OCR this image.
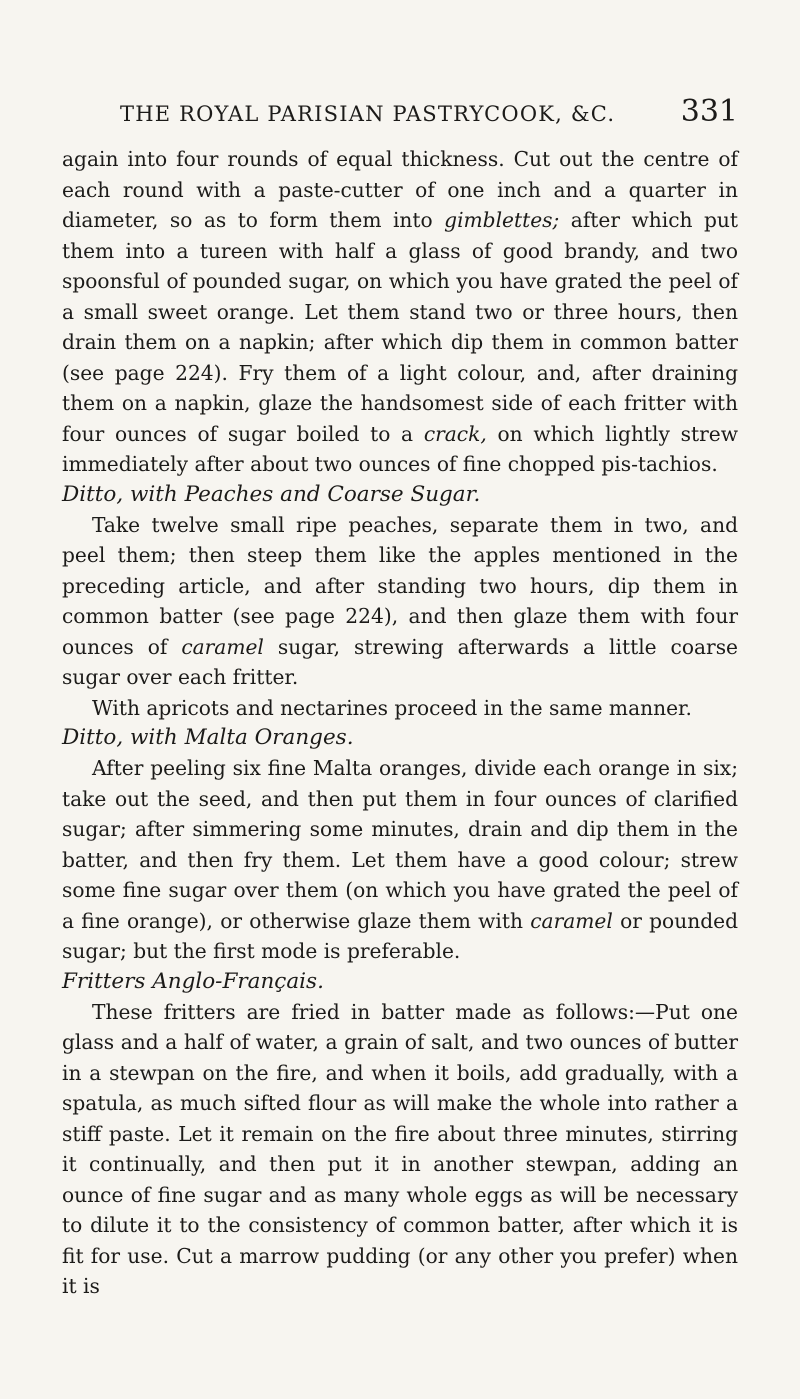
THE ROYAL PARISIAN PASTRYCOOK, &C. 331

again into four rounds of equal thickness. Cut out the centre of each round with a paste-cutter of one inch and a quarter in diameter, so as to form them into gimblettes; after which put them into a tureen with half a glass of good brandy, and two spoonsful of pounded sugar, on which you have grated the peel of a small sweet orange. Let them stand two or three hours, then drain them on a napkin; after which dip them in common batter (see page 224). Fry them of a light colour, and, after draining them on a napkin, glaze the handsomest side of each fritter with four ounces of sugar boiled to a crack, on which lightly strew immediately after about two ounces of fine chopped pis-tachios.

Ditto, with Peaches and Coarse Sugar.

Take twelve small ripe peaches, separate them in two, and peel them; then steep them like the apples mentioned in the preceding article, and after standing two hours, dip them in common batter (see page 224), and then glaze them with four ounces of caramel sugar, strewing afterwards a little coarse sugar over each fritter.

With apricots and nectarines proceed in the same manner.

Ditto, with Malta Oranges.

After peeling six fine Malta oranges, divide each orange in six; take out the seed, and then put them in four ounces of clarified sugar; after simmering some minutes, drain and dip them in the batter, and then fry them. Let them have a good colour; strew some fine sugar over them (on which you have grated the peel of a fine orange), or otherwise glaze them with caramel or pounded sugar; but the first mode is preferable.

Fritters Anglo-Français.

These fritters are fried in batter made as follows:—Put one glass and a half of water, a grain of salt, and two ounces of butter in a stewpan on the fire, and when it boils, add gradually, with a spatula, as much sifted flour as will make the whole into rather a stiff paste. Let it remain on the fire about three minutes, stirring it continually, and then put it in another stewpan, adding an ounce of fine sugar and as many whole eggs as will be necessary to dilute it to the consistency of common batter, after which it is fit for use. Cut a marrow pudding (or any other you prefer) when it is
